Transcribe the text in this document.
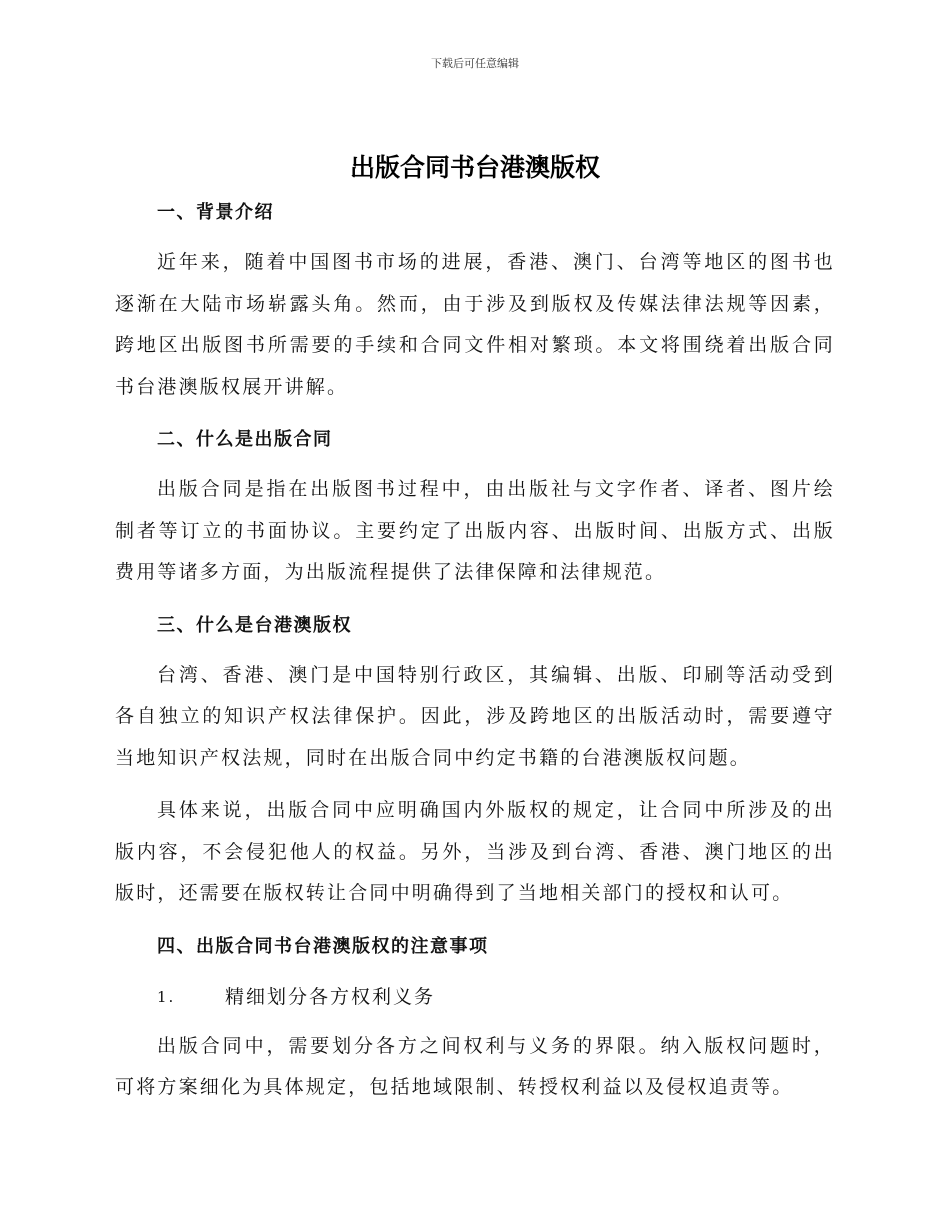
下载后可任意编辑
出版合同书台港澳版权
一、背景介绍

近年来，随着中国图书市场的进展，香港、澳门、台湾等地区的图书也逐渐在大陆市场崭露头角。然而，由于涉及到版权及传媒法律法规等因素，跨地区出版图书所需要的手续和合同文件相对繁琐。本文将围绕着出版合同书台港澳版权展开讲解。

二、什么是出版合同

出版合同是指在出版图书过程中，由出版社与文字作者、译者、图片绘制者等订立的书面协议。主要约定了出版内容、出版时间、出版方式、出版费用等诸多方面，为出版流程提供了法律保障和法律规范。

三、什么是台港澳版权

台湾、香港、澳门是中国特别行政区，其编辑、出版、印刷等活动受到各自独立的知识产权法律保护。因此，涉及跨地区的出版活动时，需要遵守当地知识产权法规，同时在出版合同中约定书籍的台港澳版权问题。

具体来说，出版合同中应明确国内外版权的规定，让合同中所涉及的出版内容，不会侵犯他人的权益。另外，当涉及到台湾、香港、澳门地区的出版时，还需要在版权转让合同中明确得到了当地相关部门的授权和认可。

四、出版合同书台港澳版权的注意事项
1.	精细划分各方权利义务

出版合同中，需要划分各方之间权利与义务的界限。纳入版权问题时，可将方案细化为具体规定，包括地域限制、转授权利益以及侵权追责等。
